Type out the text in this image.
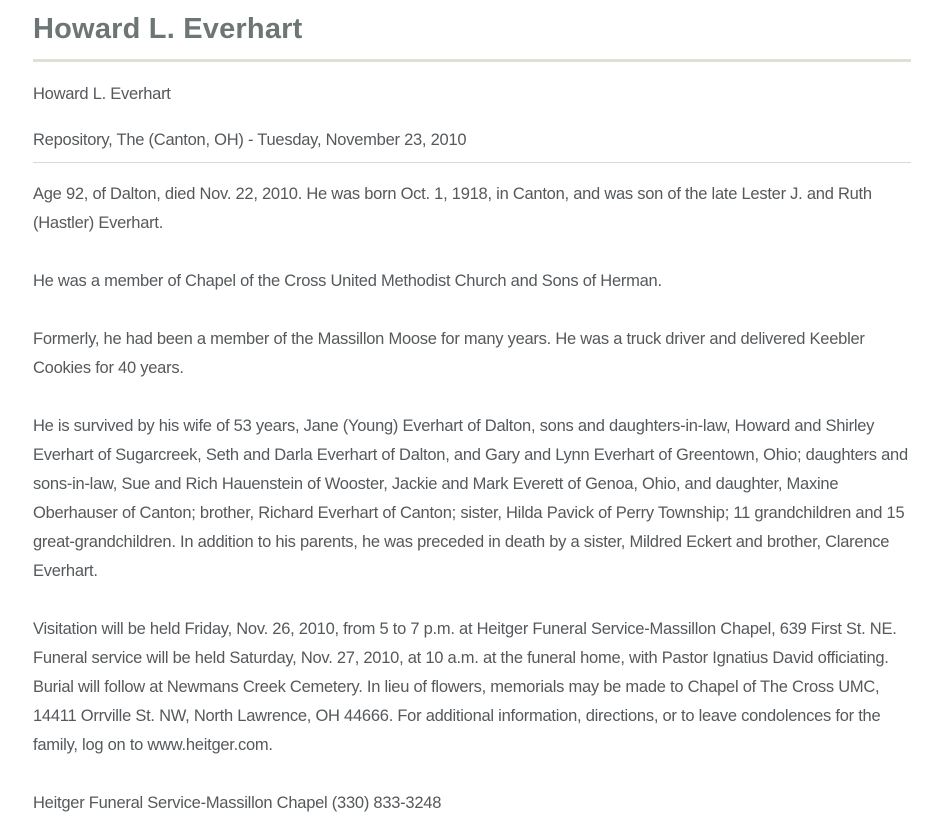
Howard L. Everhart

Howard L. Everhart

Repository, The (Canton, OH) - Tuesday, November 23, 2010

Age 92, of Dalton, died Nov. 22, 2010. He was born Oct. 1, 1918, in Canton, and was son of the late Lester J. and Ruth (Hastler) Everhart.

He was a member of Chapel of the Cross United Methodist Church and Sons of Herman.

Formerly, he had been a member of the Massillon Moose for many years. He was a truck driver and delivered Keebler Cookies for 40 years.

He is survived by his wife of 53 years, Jane (Young) Everhart of Dalton, sons and daughters-in-law, Howard and Shirley Everhart of Sugarcreek, Seth and Darla Everhart of Dalton, and Gary and Lynn Everhart of Greentown, Ohio; daughters and sons-in-law, Sue and Rich Hauenstein of Wooster, Jackie and Mark Everett of Genoa, Ohio, and daughter, Maxine Oberhauser of Canton; brother, Richard Everhart of Canton; sister, Hilda Pavick of Perry Township; 11 grandchildren and 15 great-grandchildren. In addition to his parents, he was preceded in death by a sister, Mildred Eckert and brother, Clarence Everhart.

Visitation will be held Friday, Nov. 26, 2010, from 5 to 7 p.m. at Heitger Funeral Service-Massillon Chapel, 639 First St. NE. Funeral service will be held Saturday, Nov. 27, 2010, at 10 a.m. at the funeral home, with Pastor Ignatius David officiating. Burial will follow at Newmans Creek Cemetery. In lieu of flowers, memorials may be made to Chapel of The Cross UMC, 14411 Orrville St. NW, North Lawrence, OH 44666. For additional information, directions, or to leave condolences for the family, log on to www.heitger.com.

Heitger Funeral Service-Massillon Chapel (330) 833-3248
